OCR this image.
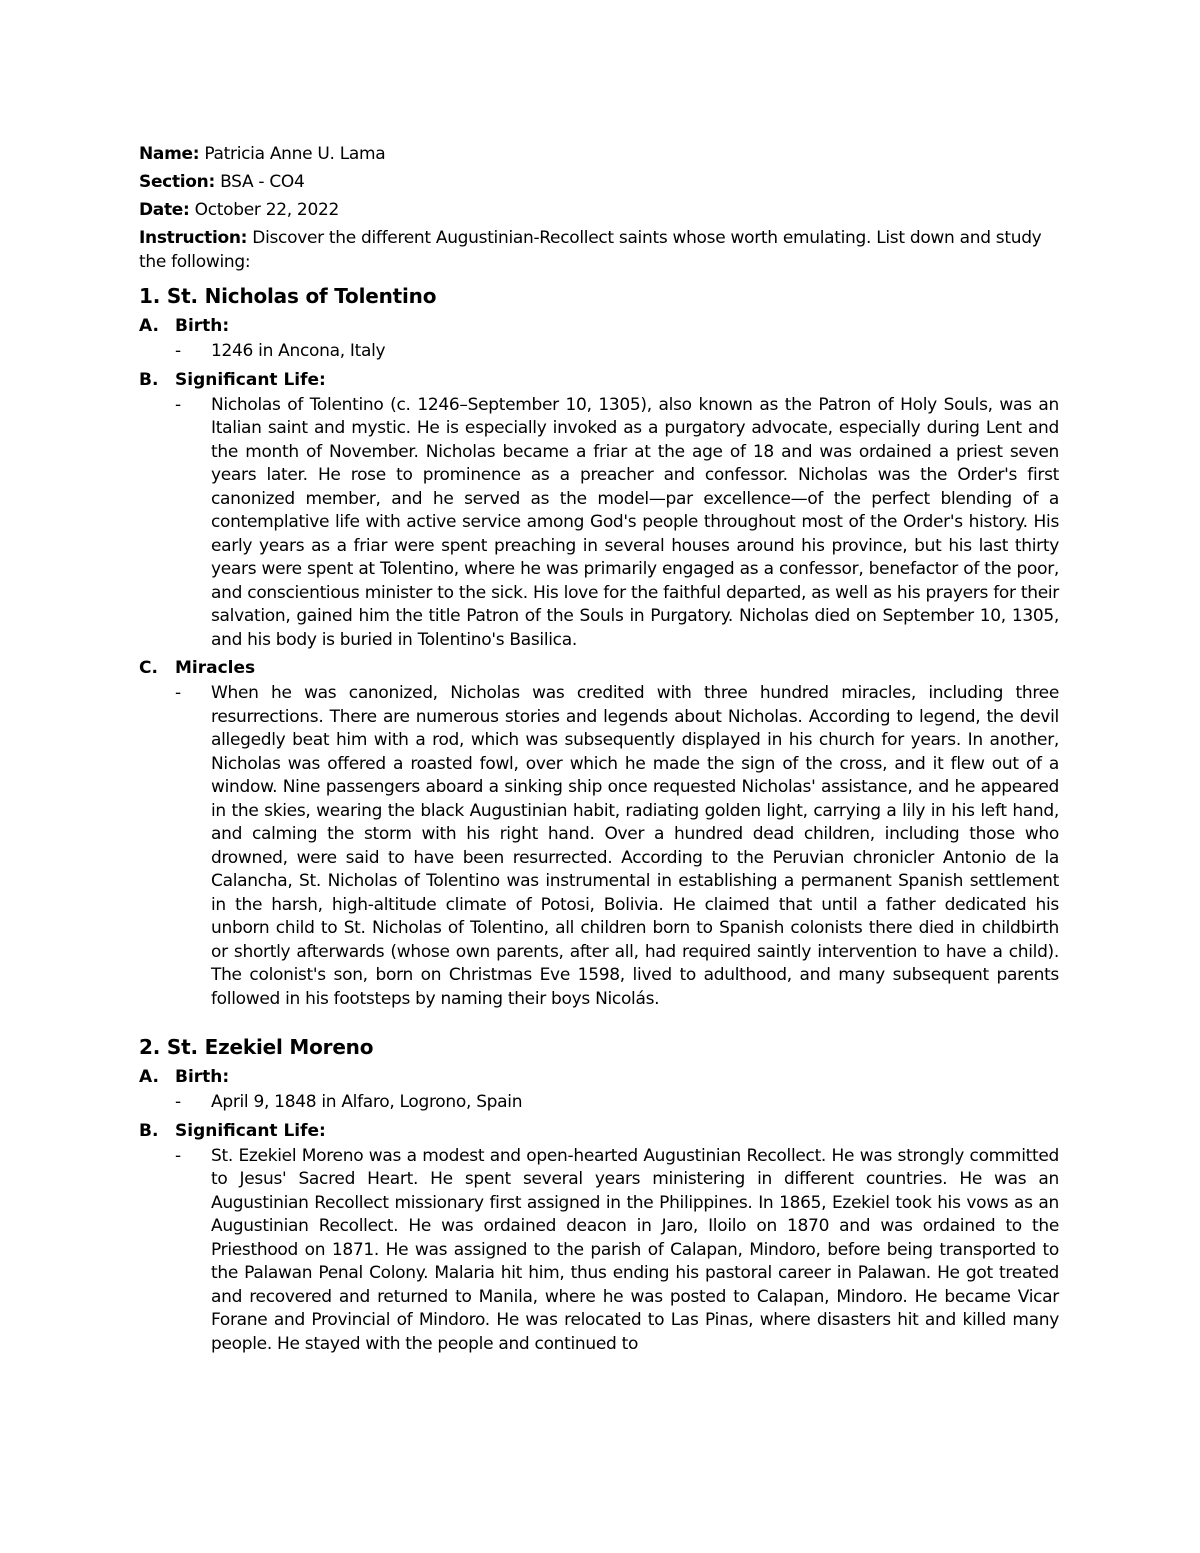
Name: Patricia Anne U. Lama
Section: BSA - CO4
Date: October 22, 2022
Instruction: Discover the different Augustinian-Recollect saints whose worth emulating. List down and study the following:
1. St. Nicholas of Tolentino
A. Birth:
-	1246 in Ancona, Italy
B. Significant Life:
-	Nicholas of Tolentino (c. 1246–September 10, 1305), also known as the Patron of Holy Souls, was an Italian saint and mystic. He is especially invoked as a purgatory advocate, especially during Lent and the month of November. Nicholas became a friar at the age of 18 and was ordained a priest seven years later. He rose to prominence as a preacher and confessor. Nicholas was the Order's first canonized member, and he served as the model—par excellence—of the perfect blending of a contemplative life with active service among God's people throughout most of the Order's history. His early years as a friar were spent preaching in several houses around his province, but his last thirty years were spent at Tolentino, where he was primarily engaged as a confessor, benefactor of the poor, and conscientious minister to the sick. His love for the faithful departed, as well as his prayers for their salvation, gained him the title Patron of the Souls in Purgatory. Nicholas died on September 10, 1305, and his body is buried in Tolentino's Basilica.
C.	Miracles
-	When he was canonized, Nicholas was credited with three hundred miracles, including three resurrections. There are numerous stories and legends about Nicholas. According to legend, the devil allegedly beat him with a rod, which was subsequently displayed in his church for years. In another, Nicholas was offered a roasted fowl, over which he made the sign of the cross, and it flew out of a window. Nine passengers aboard a sinking ship once requested Nicholas' assistance, and he appeared in the skies, wearing the black Augustinian habit, radiating golden light, carrying a lily in his left hand, and calming the storm with his right hand. Over a hundred dead children, including those who drowned, were said to have been resurrected. According to the Peruvian chronicler Antonio de la Calancha, St. Nicholas of Tolentino was instrumental in establishing a permanent Spanish settlement in the harsh, high-altitude climate of Potosi, Bolivia. He claimed that until a father dedicated his unborn child to St. Nicholas of Tolentino, all children born to Spanish colonists there died in childbirth or shortly afterwards (whose own parents, after all, had required saintly intervention to have a child). The colonist's son, born on Christmas Eve 1598, lived to adulthood, and many subsequent parents followed in his footsteps by naming their boys Nicolás.
2. St. Ezekiel Moreno
A. Birth:
-	April 9, 1848 in Alfaro, Logrono, Spain
B. Significant Life:
-	St. Ezekiel Moreno was a modest and open-hearted Augustinian Recollect. He was strongly committed to Jesus' Sacred Heart. He spent several years ministering in different countries. He was an Augustinian Recollect missionary first assigned in the Philippines. In 1865, Ezekiel took his vows as an Augustinian Recollect. He was ordained deacon in Jaro, Iloilo on 1870 and was ordained to the Priesthood on 1871. He was assigned to the parish of Calapan, Mindoro, before being transported to the Palawan Penal Colony. Malaria hit him, thus ending his pastoral career in Palawan. He got treated and recovered and returned to Manila, where he was posted to Calapan, Mindoro. He became Vicar Forane and Provincial of Mindoro. He was relocated to Las Pinas, where disasters hit and killed many people. He stayed with the people and continued to
